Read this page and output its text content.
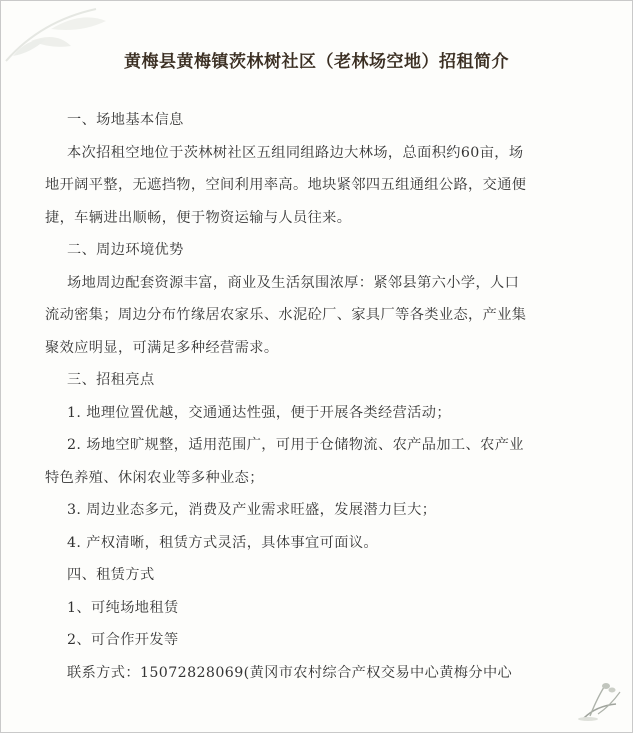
黄梅县黄梅镇茨林树社区（老林场空地）招租简介

一、场地基本信息

本次招租空地位于茨林树社区五组同组路边大林场，总面积约60亩，场

地开阔平整，无遮挡物，空间利用率高。地块紧邻四五组通组公路，交通便

捷，车辆进出顺畅，便于物资运输与人员往来。

二、周边环境优势

场地周边配套资源丰富，商业及生活氛围浓厚：紧邻县第六小学，人口

流动密集；周边分布竹缘居农家乐、水泥砼厂、家具厂等各类业态，产业集

聚效应明显，可满足多种经营需求。

三、招租亮点

1. 地理位置优越，交通通达性强，便于开展各类经营活动；

2. 场地空旷规整，适用范围广，可用于仓储物流、农产品加工、农产业

特色养殖、休闲农业等多种业态；

3. 周边业态多元，消费及产业需求旺盛，发展潜力巨大；

4. 产权清晰，租赁方式灵活，具体事宜可面议。

四、租赁方式

1、可纯场地租赁

2、可合作开发等

联系方式：15072828069(黄冈市农村综合产权交易中心黄梅分中心
